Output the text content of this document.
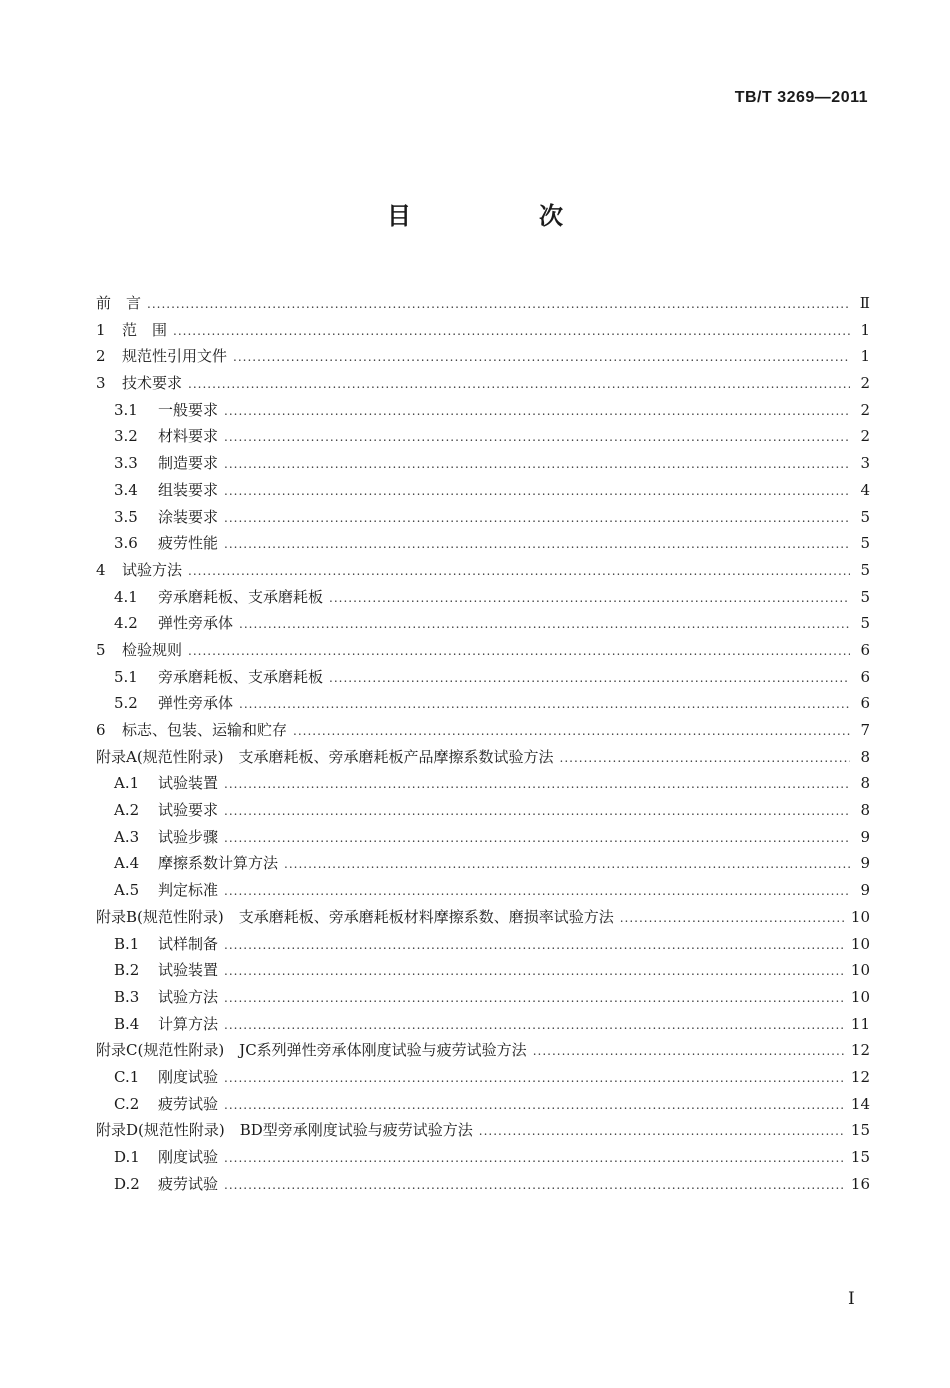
TB/T 3269—2011
目　次
前　言 .....	Ⅱ
1	范　围 .....	1
2	规范性引用文件 .....	1
3	技术要求 .....	2
3.1	一般要求 .....	2
3.2	材料要求 .....	2
3.3	制造要求 .....	3
3.4	组装要求 .....	4
3.5	涂装要求 .....	5
3.6	疲劳性能 .....	5
4	试验方法 .....	5
4.1	旁承磨耗板、支承磨耗板 .....	5
4.2	弹性旁承体 .....	5
5	检验规则 .....	6
5.1	旁承磨耗板、支承磨耗板 .....	6
5.2	弹性旁承体 .....	6
6	标志、包装、运输和贮存 .....	7
附录A(规范性附录)　支承磨耗板、旁承磨耗板产品摩擦系数试验方法 .....	8
A.1	试验装置 .....	8
A.2	试验要求 .....	8
A.3	试验步骤 .....	9
A.4	摩擦系数计算方法 .....	9
A.5	判定标准 .....	9
附录B(规范性附录)　支承磨耗板、旁承磨耗板材料摩擦系数、磨损率试验方法 .....	10
B.1	试样制备 .....	10
B.2	试验装置 .....	10
B.3	试验方法 .....	10
B.4	计算方法 .....	11
附录C(规范性附录)　JC系列弹性旁承体刚度试验与疲劳试验方法 .....	12
C.1	刚度试验 .....	12
C.2	疲劳试验 .....	14
附录D(规范性附录)　BD型旁承刚度试验与疲劳试验方法 .....	15
D.1	刚度试验 .....	15
D.2	疲劳试验 .....	16
I
